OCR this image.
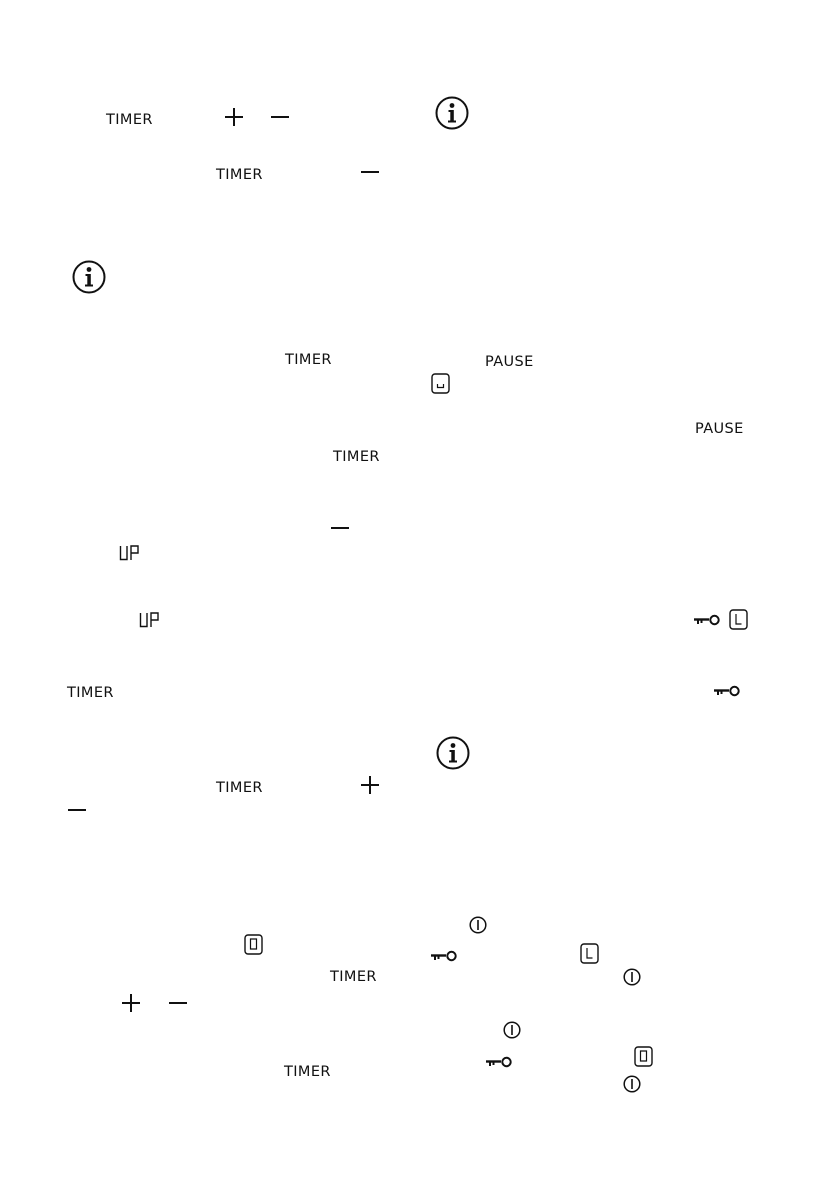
TIMER
TIMER
TIMER	PAUSE
PAUSE
TIMER
TIMER
TIMER
TIMER
TIMER
